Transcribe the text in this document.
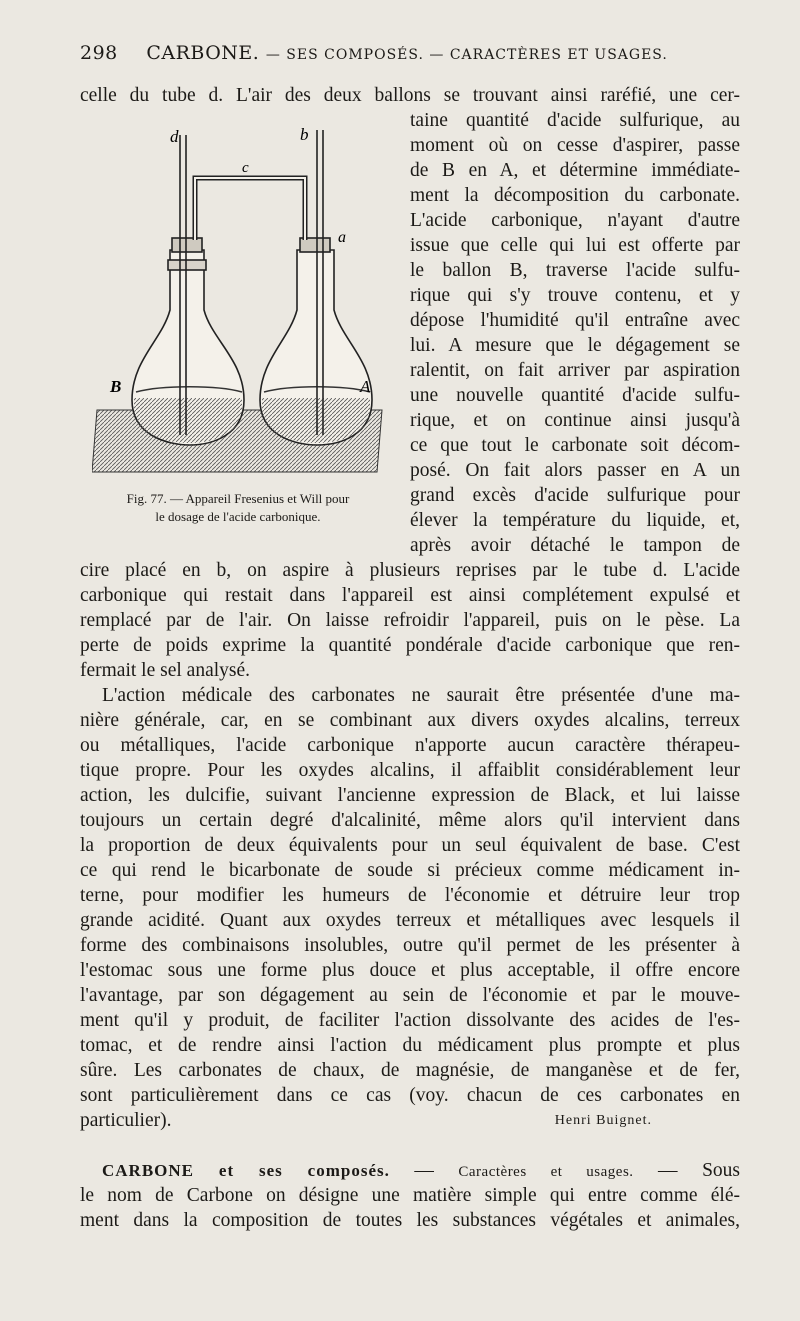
298 CARBONE. — SES COMPOSÉS. — CARACTÈRES ET USAGES.
celle du tube d. L'air des deux ballons se trouvant ainsi raréfié, une cer-
d	b
c
a
B	A
Fig. 77. — Appareil Fresenius et Will pour
le dosage de l'acide carbonique.
taine quantité d'acide sulfurique, au
moment où on cesse d'aspirer, passe
de B en A, et détermine immédiate-
ment la décomposition du carbonate.
L'acide carbonique, n'ayant d'autre
issue que celle qui lui est offerte par
le ballon B, traverse l'acide sulfu-
rique qui s'y trouve contenu, et y
dépose l'humidité qu'il entraîne avec
lui. A mesure que le dégagement se
ralentit, on fait arriver par aspiration
une nouvelle quantité d'acide sulfu-
rique, et on continue ainsi jusqu'à
ce que tout le carbonate soit décom-
posé. On fait alors passer en A un
grand excès d'acide sulfurique pour
élever la température du liquide, et,
après avoir détaché le tampon de
cire placé en b, on aspire à plusieurs reprises par le tube d. L'acide
carbonique qui restait dans l'appareil est ainsi complétement expulsé et
remplacé par de l'air. On laisse refroidir l'appareil, puis on le pèse. La
perte de poids exprime la quantité pondérale d'acide carbonique que ren-
fermait le sel analysé.
L'action médicale des carbonates ne saurait être présentée d'une ma-
nière générale, car, en se combinant aux divers oxydes alcalins, terreux
ou métalliques, l'acide carbonique n'apporte aucun caractère thérapeu-
tique propre. Pour les oxydes alcalins, il affaiblit considérablement leur
action, les dulcifie, suivant l'ancienne expression de Black, et lui laisse
toujours un certain degré d'alcalinité, même alors qu'il intervient dans
la proportion de deux équivalents pour un seul équivalent de base. C'est
ce qui rend le bicarbonate de soude si précieux comme médicament in-
terne, pour modifier les humeurs de l'économie et détruire leur trop
grande acidité. Quant aux oxydes terreux et métalliques avec lesquels il
forme des combinaisons insolubles, outre qu'il permet de les présenter à
l'estomac sous une forme plus douce et plus acceptable, il offre encore
l'avantage, par son dégagement au sein de l'économie et par le mouve-
ment qu'il y produit, de faciliter l'action dissolvante des acides de l'es-
tomac, et de rendre ainsi l'action du médicament plus prompte et plus
sûre. Les carbonates de chaux, de magnésie, de manganèse et de fer,
sont particulièrement dans ce cas (voy. chacun de ces carbonates en
particulier).	Henri Buignet.
CARBONE et ses composés. — Caractères et usages. — Sous
le nom de Carbone on désigne une matière simple qui entre comme élé-
ment dans la composition de toutes les substances végétales et animales,
